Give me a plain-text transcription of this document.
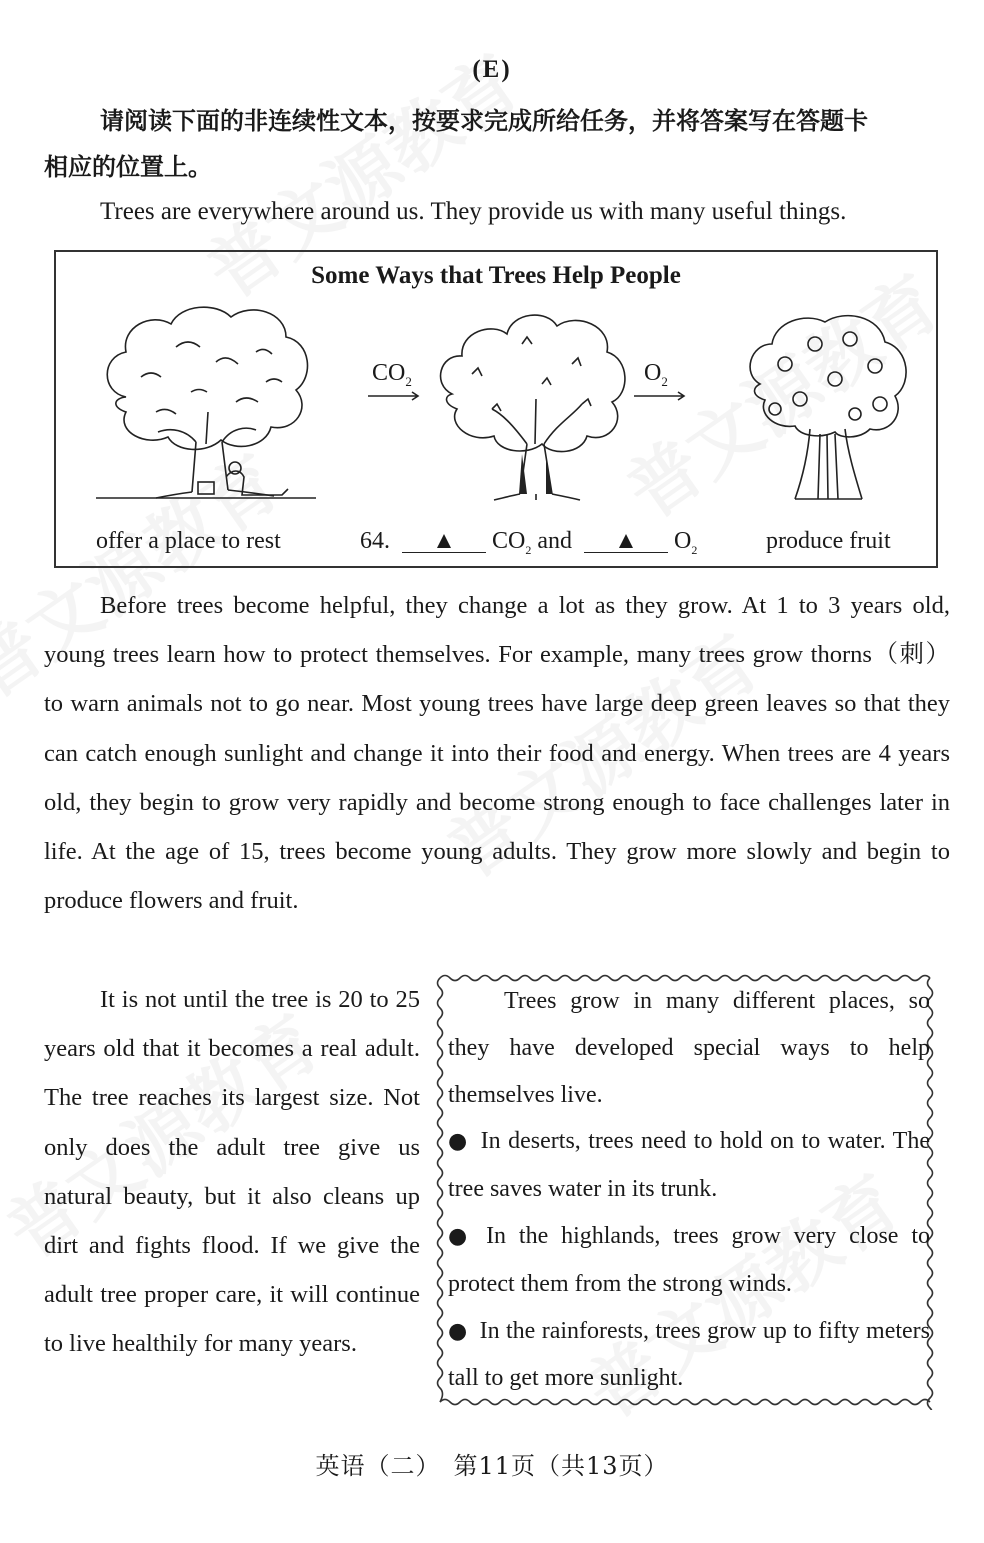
(E)
请阅读下面的非连续性文本，按要求完成所给任务，并将答案写在答题卡
相应的位置上。
Trees are everywhere around us. They provide us with many useful things.
Some Ways that Trees Help People
$CO_2$	$O_2$
offer a place to rest	64. ▲ $CO_2$ and ▲ $O_2$	produce fruit
Before trees become helpful, they change a lot as they grow. At 1 to 3 years old, young trees learn how to protect themselves. For example, many trees grow thorns（刺） to warn animals not to go near. Most young trees have large deep green leaves so that they can catch enough sunlight and change it into their food and energy. When trees are 4 years old, they begin to grow very rapidly and become strong enough to face challenges later in life. At the age of 15, trees become young adults. They grow more slowly and begin to produce flowers and fruit.
It is not until the tree is 20 to 25 years old that it becomes a real adult. The tree reaches its largest size. Not only does the adult tree give us natural beauty, but it also cleans up dirt and fights flood. If we give the adult tree proper care, it will continue to live healthily for many years.
Trees grow in many different places, so they have developed special ways to help themselves live.
● In deserts, trees need to hold on to water. The tree saves water in its trunk.
● In the highlands, trees grow very close to protect them from the strong winds.
● In the rainforests, trees grow up to fifty meters tall to get more sunlight.
英语（二）　第11页（共13页）
